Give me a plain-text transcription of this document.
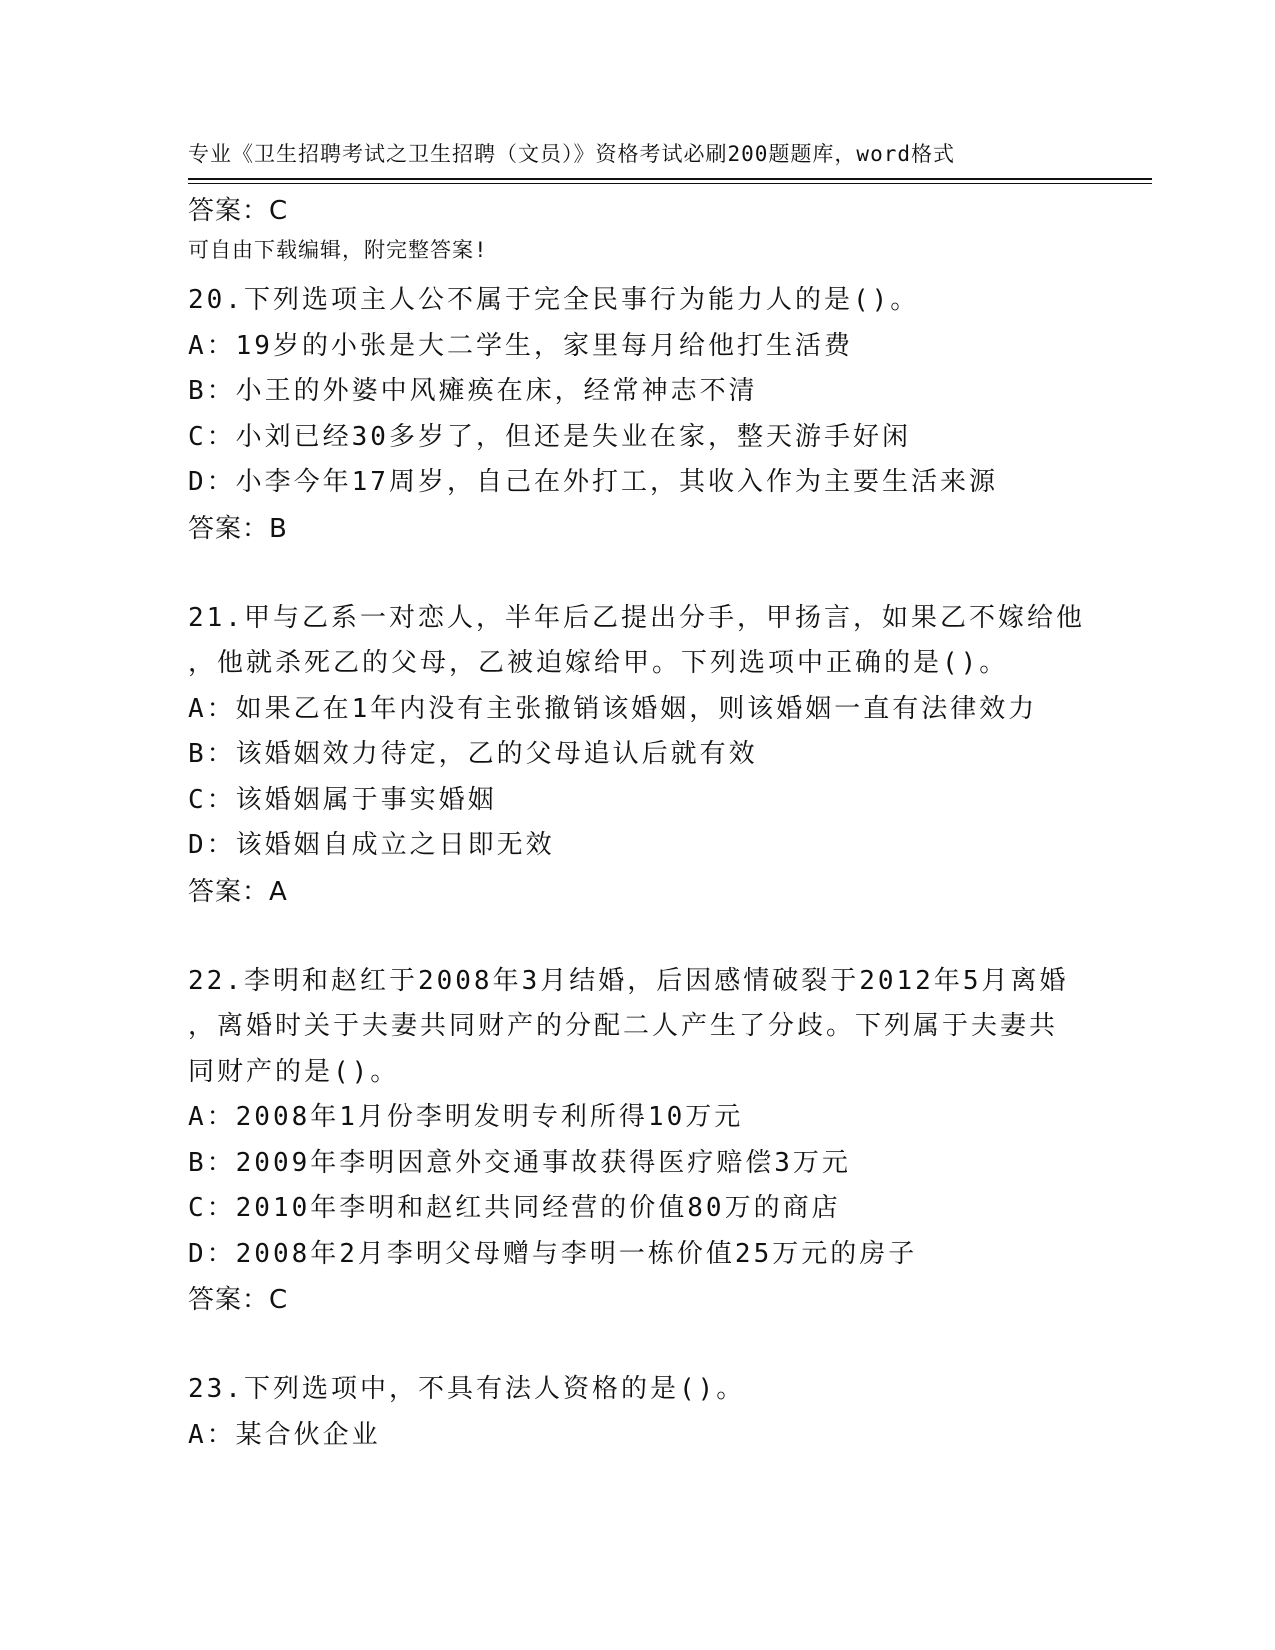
专业《卫生招聘考试之卫生招聘（文员）》资格考试必刷200题题库，word格式

可自由下载编辑，附完整答案!

答案：C
20.下列选项主人公不属于完全民事行为能力人的是()。
A：19岁的小张是大二学生，家里每月给他打生活费
B：小王的外婆中风瘫痪在床，经常神志不清
C：小刘已经30多岁了，但还是失业在家，整天游手好闲
D：小李今年17周岁，自己在外打工，其收入作为主要生活来源
答案：B
21.甲与乙系一对恋人，半年后乙提出分手，甲扬言，如果乙不嫁给他
，他就杀死乙的父母，乙被迫嫁给甲。下列选项中正确的是()。
A：如果乙在1年内没有主张撤销该婚姻，则该婚姻一直有法律效力
B：该婚姻效力待定，乙的父母追认后就有效
C：该婚姻属于事实婚姻
D：该婚姻自成立之日即无效
答案：A
22.李明和赵红于2008年3月结婚，后因感情破裂于2012年5月离婚
，离婚时关于夫妻共同财产的分配二人产生了分歧。下列属于夫妻共
同财产的是()。
A：2008年1月份李明发明专利所得10万元
B：2009年李明因意外交通事故获得医疗赔偿3万元
C：2010年李明和赵红共同经营的价值80万的商店
D：2008年2月李明父母赠与李明一栋价值25万元的房子
答案：C
23.下列选项中，不具有法人资格的是()。
A：某合伙企业
